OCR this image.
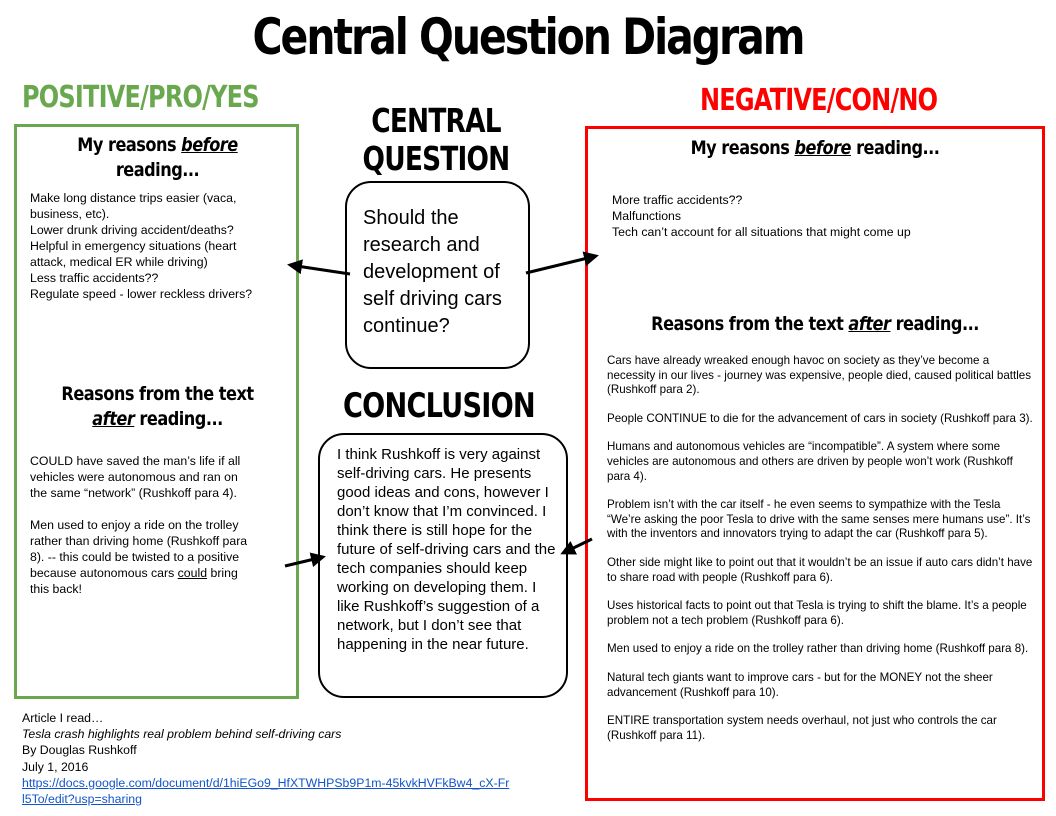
Central Question Diagram
POSITIVE/PRO/YES	NEGATIVE/CON/NO
My reasons before
reading...

Make long distance trips easier (vaca,

business, etc).

Lower drunk driving accident/deaths?

Helpful in emergency situations (heart

attack, medical ER while driving)

Less traffic accidents??

Regulate speed - lower reckless drivers?

Reasons from the text
after reading...

COULD have saved the man’s life if all

vehicles were autonomous and ran on

the same “network” (Rushkoff para 4).

Men used to enjoy a ride on the trolley

rather than driving home (Rushkoff para

8). -- this could be twisted to a positive

because autonomous cars could bring

this back!

CENTRAL
QUESTION
Should the research and development of self driving cars continue?
CONCLUSION
I think Rushkoff is very against self-driving cars. He presents good ideas and cons, however I don’t know that I’m convinced. I think there is still hope for the future of self-driving cars and the tech companies should keep working on developing them. I like Rushkoff’s suggestion of a network, but I don’t see that happening in the near future.
My reasons before reading...

More traffic accidents??

Malfunctions

Tech can’t account for all situations that might come up

Reasons from the text after reading...

Cars have already wreaked enough havoc on society as they’ve become a necessity in our lives - journey was expensive, people died, caused political battles (Rushkoff para 2).

People CONTINUE to die for the advancement of cars in society (Rushkoff para 3).

Humans and autonomous vehicles are “incompatible”. A system where some vehicles are autonomous and others are driven by people won’t work (Rushkoff para 4).

Problem isn’t with the car itself - he even seems to sympathize with the Tesla “We’re asking the poor Tesla to drive with the same senses mere humans use”. It’s with the inventors and innovators trying to adapt the car (Rushkoff para 5).

Other side might like to point out that it wouldn’t be an issue if auto cars didn’t have to share road with people (Rushkoff para 6).

Uses historical facts to point out that Tesla is trying to shift the blame. It’s a people problem not a tech problem (Rushkoff para 6).

Men used to enjoy a ride on the trolley rather than driving home (Rushkoff para 8).

Natural tech giants want to improve cars - but for the MONEY not the sheer advancement (Rushkoff para 10).

ENTIRE transportation system needs overhaul, not just who controls the car (Rushkoff para 11).

Article I read…

Tesla crash highlights real problem behind self-driving cars

By Douglas Rushkoff

July 1, 2016

https://docs.google.com/document/d/1hiEGo9_HfXTWHPSb9P1m-45kvkHVFkBw4_cX-Fr

l5To/edit?usp=sharing
